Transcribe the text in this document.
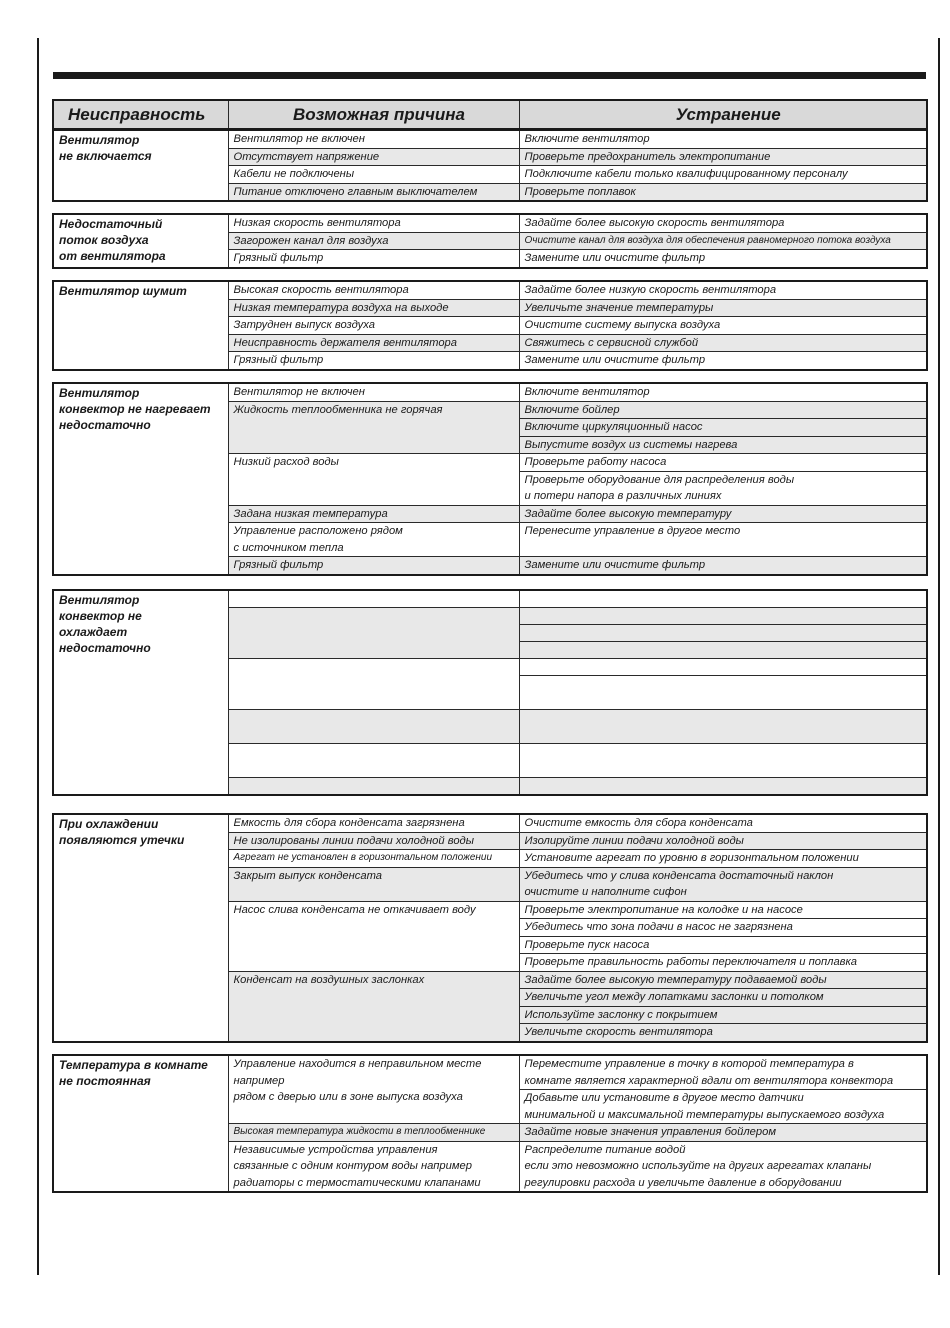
Неисправность	Возможная причина	Устранение
Вентилятор
не включается	Вентилятор не включен	Включите вентилятор
	Отсутствует напряжение	Проверьте предохранитель электропитание
	Кабели не подключены	Подключите кабели только квалифицированному персоналу
	Питание отключено главным выключателем	Проверьте поплавок
Недостаточный
поток воздуха
от вентилятора	Низкая скорость вентилятора	Задайте более высокую скорость вентилятора
	Загорожен канал для воздуха	Очистите канал для воздуха для обеспечения равномерного потока воздуха
	Грязный фильтр	Замените или очистите фильтр
Вентилятор шумит	Высокая скорость вентилятора	Задайте более низкую скорость вентилятора
	Низкая температура воздуха на выходе	Увеличьте значение температуры
	Затруднен выпуск воздуха	Очистите систему выпуска воздуха
	Неисправность держателя вентилятора	Свяжитесь с сервисной службой
	Грязный фильтр	Замените или очистите фильтр
Вентилятор
конвектор не нагревает
недостаточно	Вентилятор не включен	Включите вентилятор
	Жидкость теплообменника не горячая	Включите бойлер
		Включите циркуляционный насос
		Выпустите воздух из системы нагрева
	Низкий расход воды	Проверьте работу насоса
		Проверьте оборудование для распределения воды
и потери напора в различных линиях
	Задана низкая температура	Задайте более высокую температуру
	Управление расположено рядом
с источником тепла	Перенесите управление в другое место
	Грязный фильтр	Замените или очистите фильтр
Вентилятор
конвектор не
охлаждает
недостаточно		

При охлаждении
появляются утечки	Емкость для сбора конденсата загрязнена	Очистите емкость для сбора конденсата
	Не изолированы линии подачи холодной воды	Изолируйте линии подачи холодной воды
	Агрегат не установлен в горизонтальном положении	Установите агрегат по уровню в горизонтальном положении
	Закрыт выпуск конденсата	Убедитесь что у слива конденсата достаточный наклон
очистите и наполните сифон
	Насос слива конденсата не откачивает воду	Проверьте электропитание на колодке и на насосе
		Убедитесь что зона подачи в насос не загрязнена
		Проверьте пуск насоса
		Проверьте правильность работы переключателя и поплавка
	Конденсат на воздушных заслонках	Задайте более высокую температуру подаваемой воды
		Увеличьте угол между лопатками заслонки и потолком
		Используйте заслонку с покрытием
		Увеличьте скорость вентилятора
Температура в комнате
не постоянная	Управление находится в неправильном месте
например
рядом с дверью или в зоне выпуска воздуха	Переместите управление в точку в которой температура в
комнате является характерной вдали от вентилятора конвектора
		Добавьте или установите в другое место датчики
минимальной и максимальной температуры выпускаемого воздуха
	Высокая температура жидкости в теплообменнике	Задайте новые значения управления бойлером
	Независимые устройства управления
связанные с одним контуром воды например
радиаторы с термостатическими клапанами	Распределите питание водой
если это невозможно используйте на других агрегатах клапаны
регулировки расхода и увеличьте давление в оборудовании
